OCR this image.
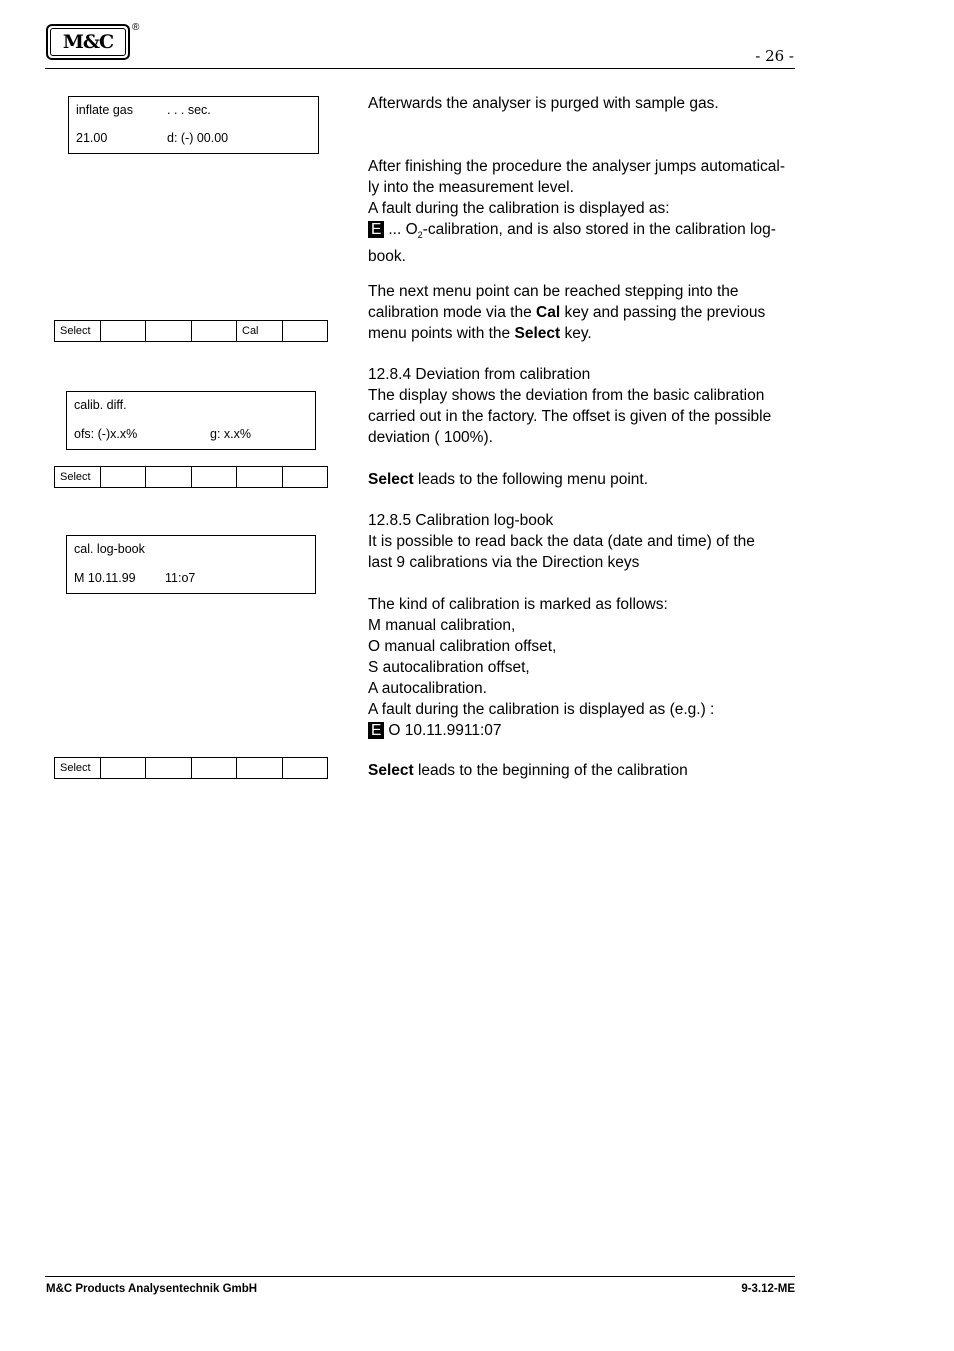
M&C
®
- 26 -
inflate gas	. . . sec.
21.00	d: (-) 00.00
Select	Cal
calib. diff.
ofs: (-)x.x%	g: x.x%
Select
cal. log-book
M 10.11.99 11:o7
Select
Afterwards the analyser is purged with sample gas.
After finishing the procedure the analyser jumps automatical-
ly into the measurement level.
A fault during the calibration is displayed as:
E ... $O_2$-calibration, and is also stored in the calibration log-
book.
The next menu point can be reached stepping into the
calibration mode via the Cal key and passing the previous
menu points with the Select key.
12.8.4 Deviation from calibration
The display shows the deviation from the basic calibration
carried out in the factory. The offset is given of the possible
deviation ( 100%).
Select leads to the following menu point.
12.8.5 Calibration log-book
It is possible to read back the data (date and time) of the
last 9 calibrations via the Direction keys
The kind of calibration is marked as follows:
M manual calibration,
O manual calibration offset,
S autocalibration offset,
A autocalibration.
A fault during the calibration is displayed as (e.g.) :
E O 10.11.9911:07
Select leads to the beginning of the calibration
M&C Products Analysentechnik GmbH	9-3.12-ME
